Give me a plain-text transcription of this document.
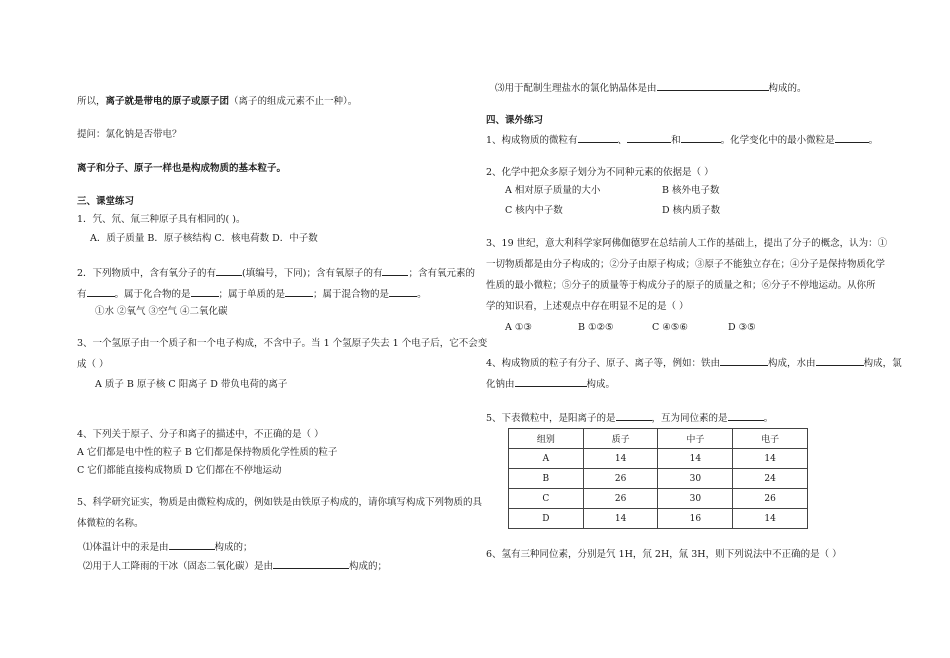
所以，离子就是带电的原子或原子团（离子的组成元素不止一种）。
提问：氯化钠是否带电？
离子和分子、原子一样也是构成物质的基本粒子。
三、课堂练习
1．氕、氘、氚三种原子具有相同的( )。
A．质子质量 B．原子核结构 C．核电荷数 D．中子数
2．下列物质中，含有氧分子的有	(填编号，下同)；含有氧原子的有	；含有氧元素的
有	。属于化合物的是	；属于单质的是	；属于混合物的是	。
①水 ②氧气 ③空气 ④二氧化碳
3、一个氢原子由一个质子和一个电子构成，不含中子。当 1 个氢原子失去 1 个电子后，它不会变
成（ ）
A 质子 B 原子核 C 阳离子 D 带负电荷的离子
4、下列关于原子、分子和离子的描述中，不正确的是（ ）
A 它们都是电中性的粒子 B 它们都是保持物质化学性质的粒子
C 它们都能直接构成物质 D 它们都在不停地运动
5、科学研究证实，物质是由微粒构成的，例如铁是由铁原子构成的，请你填写构成下列物质的具
体微粒的名称。
⑴体温计中的汞是由	构成的；
⑵用于人工降雨的干冰（固态二氧化碳）是由	构成的；
⑶用于配制生理盐水的氯化钠晶体是由	构成的。
四、课外练习
1、构成物质的微粒有	、	和	。化学变化中的最小微粒是	。
2、化学中把众多原子划分为不同种元素的依据是（ ）
A 相对原子质量的大小	B 核外电子数
C 核内中子数	D 核内质子数
3、19 世纪，意大利科学家阿佛伽德罗在总结前人工作的基础上，提出了分子的概念，认为：①
一切物质都是由分子构成的；②分子由原子构成；③原子不能独立存在；④分子是保持物质化学
性质的最小微粒；⑤分子的质量等于构成分子的原子的质量之和；⑥分子不停地运动。从你所
学的知识看，上述观点中存在明显不足的是（ ）
A ①③	B ①②⑤	C ④⑤⑥	D ③⑤
4、构成物质的粒子有分子、原子、离子等，例如：铁由	构成，水由	构成，氯
化钠由	构成。
5、下表微粒中，是阳离子的是	，互为同位素的是	。
组别	质子	中子	电子
A	14	14	14
B	26	30	24
C	26	30	26
D	14	16	14
6、氢有三种同位素，分别是氕 1H，氘 2H，氚 3H，则下列说法中不正确的是（ ）
